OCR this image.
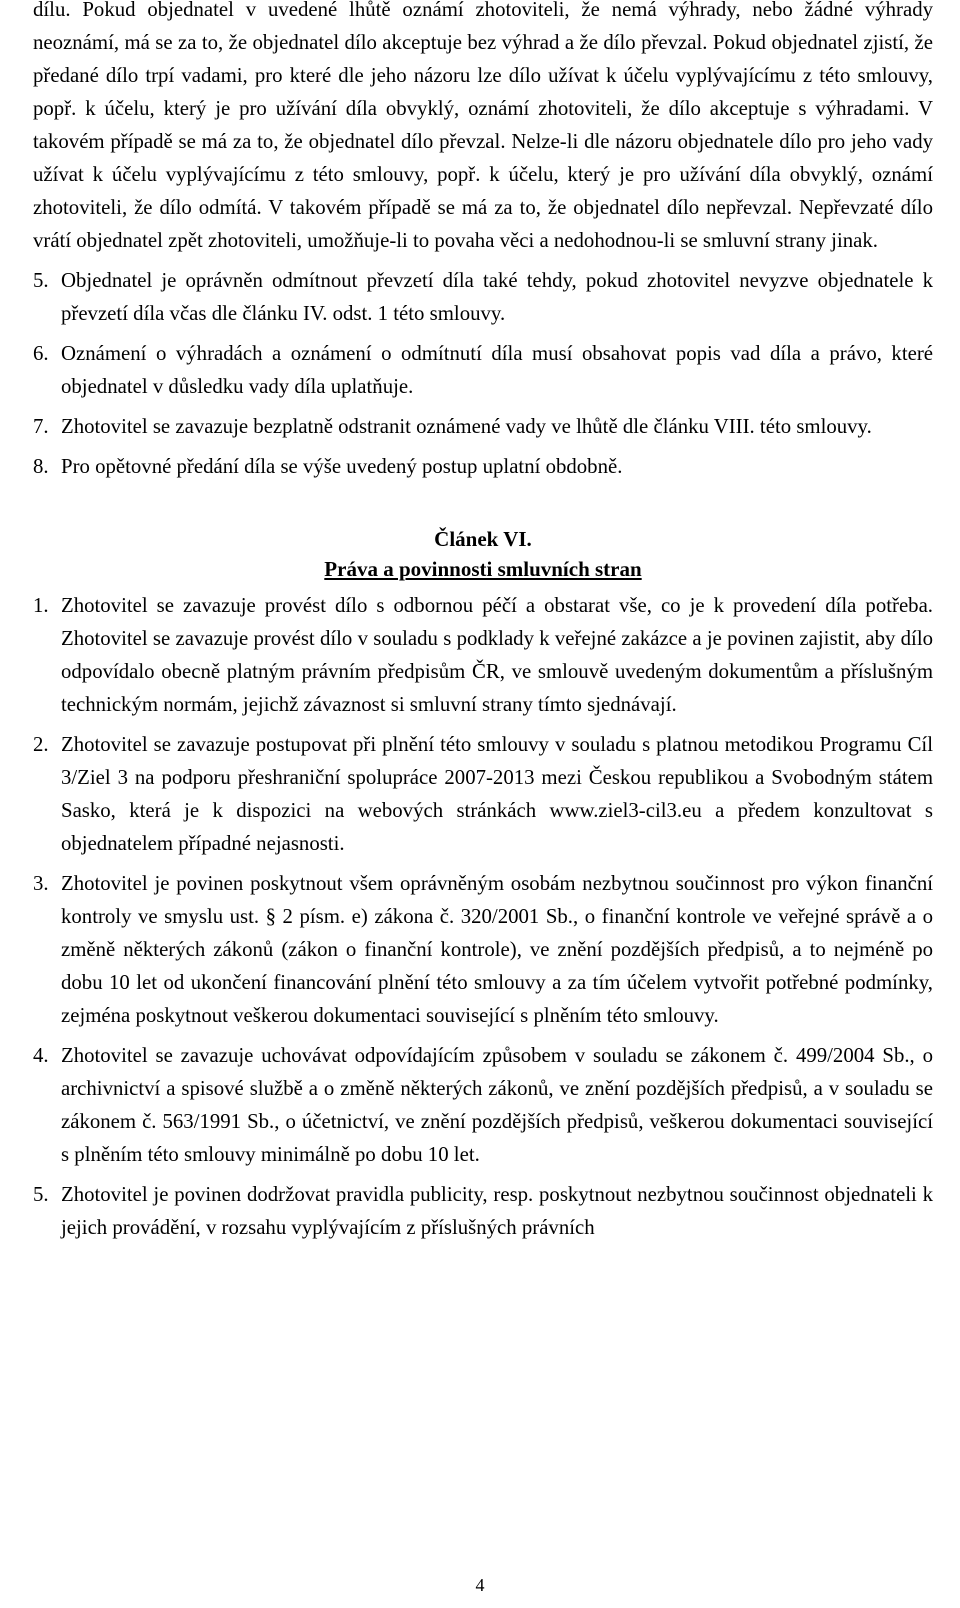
dílu. Pokud objednatel v uvedené lhůtě oznámí zhotoviteli, že nemá výhrady, nebo žádné výhrady neoznámí, má se za to, že objednatel dílo akceptuje bez výhrad a že dílo převzal. Pokud objednatel zjistí, že předané dílo trpí vadami, pro které dle jeho názoru lze dílo užívat k účelu vyplývajícímu z této smlouvy, popř. k účelu, který je pro užívání díla obvyklý, oznámí zhotoviteli, že dílo akceptuje s výhradami. V takovém případě se má za to, že objednatel dílo převzal. Nelze-li dle názoru objednatele dílo pro jeho vady užívat k účelu vyplývajícímu z této smlouvy, popř. k účelu, který je pro užívání díla obvyklý, oznámí zhotoviteli, že dílo odmítá. V takovém případě se má za to, že objednatel dílo nepřevzal. Nepřevzaté dílo vrátí objednatel zpět zhotoviteli, umožňuje-li to povaha věci a nedohodnou-li se smluvní strany jinak.

5. Objednatel je oprávněn odmítnout převzetí díla také tehdy, pokud zhotovitel nevyzve objednatele k převzetí díla včas dle článku IV. odst. 1 této smlouvy.

6. Oznámení o výhradách a oznámení o odmítnutí díla musí obsahovat popis vad díla a právo, které objednatel v důsledku vady díla uplatňuje.

7. Zhotovitel se zavazuje bezplatně odstranit oznámené vady ve lhůtě dle článku VIII. této smlouvy.

8. Pro opětovné předání díla se výše uvedený postup uplatní obdobně.

Článek VI.
Práva a povinnosti smluvních stran
1. Zhotovitel se zavazuje provést dílo s odbornou péčí a obstarat vše, co je k provedení díla potřeba. Zhotovitel se zavazuje provést dílo v souladu s podklady k veřejné zakázce a je povinen zajistit, aby dílo odpovídalo obecně platným právním předpisům ČR, ve smlouvě uvedeným dokumentům a příslušným technickým normám, jejichž závaznost si smluvní strany tímto sjednávají.

2. Zhotovitel se zavazuje postupovat při plnění této smlouvy v souladu s platnou metodikou Programu Cíl 3/Ziel 3 na podporu přeshraniční spolupráce 2007-2013 mezi Českou republikou a Svobodným státem Sasko, která je k dispozici na webových stránkách www.ziel3-cil3.eu a předem konzultovat s objednatelem případné nejasnosti.

3. Zhotovitel je povinen poskytnout všem oprávněným osobám nezbytnou součinnost pro výkon finanční kontroly ve smyslu ust. § 2 písm. e) zákona č. 320/2001 Sb., o finanční kontrole ve veřejné správě a o změně některých zákonů (zákon o finanční kontrole), ve znění pozdějších předpisů, a to nejméně po dobu 10 let od ukončení financování plnění této smlouvy a za tím účelem vytvořit potřebné podmínky, zejména poskytnout veškerou dokumentaci související s plněním této smlouvy.

4. Zhotovitel se zavazuje uchovávat odpovídajícím způsobem v souladu se zákonem č. 499/2004 Sb., o archivnictví a spisové službě a o změně některých zákonů, ve znění pozdějších předpisů, a v souladu se zákonem č. 563/1991 Sb., o účetnictví, ve znění pozdějších předpisů, veškerou dokumentaci související s plněním této smlouvy minimálně po dobu 10 let.

5. Zhotovitel je povinen dodržovat pravidla publicity, resp. poskytnout nezbytnou součinnost objednateli k jejich provádění, v rozsahu vyplývajícím z příslušných právních

4
